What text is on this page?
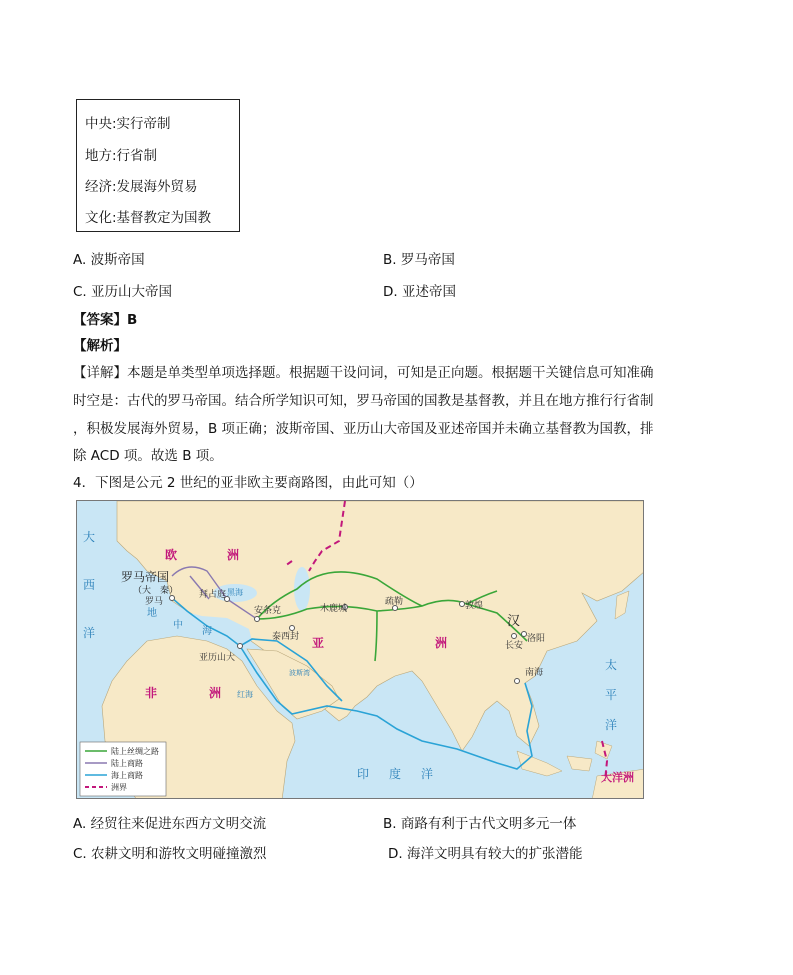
中央:实行帝制
地方:行省制
经济:发展海外贸易
文化:基督教定为国教
A. 波斯帝国	B. 罗马帝国
C. 亚历山大帝国	D. 亚述帝国
【答案】B
【解析】
【详解】本题是单类型单项选择题。根据题干设问词，可知是正向题。根据题干关键信息可知准确
时空是：古代的罗马帝国。结合所学知识可知，罗马帝国的国教是基督教，并且在地方推行行省制
，积极发展海外贸易，B 项正确；波斯帝国、亚历山大帝国及亚述帝国并未确立基督教为国教，排
除 ACD 项。故选 B 项。
4．下图是公元 2 世纪的亚非欧主要商路图，由此可知（）
大
西
洋
欧	洲
罗马帝国
（大　秦）
罗马
拜占庭 黑海
地
中
海
安条克	木鹿城
疏勒	敦煌
汉
洛阳
长安
泰西封 亚	洲
亚历山大
红海
波斯湾	南海
非	洲
印 度 洋
太
平
洋
大洋洲
陆上丝绸之路
陆上商路
海上商路
洲界
A. 经贸往来促进东西方文明交流	B. 商路有利于古代文明多元一体
C. 农耕文明和游牧文明碰撞激烈	D. 海洋文明具有较大的扩张潜能
